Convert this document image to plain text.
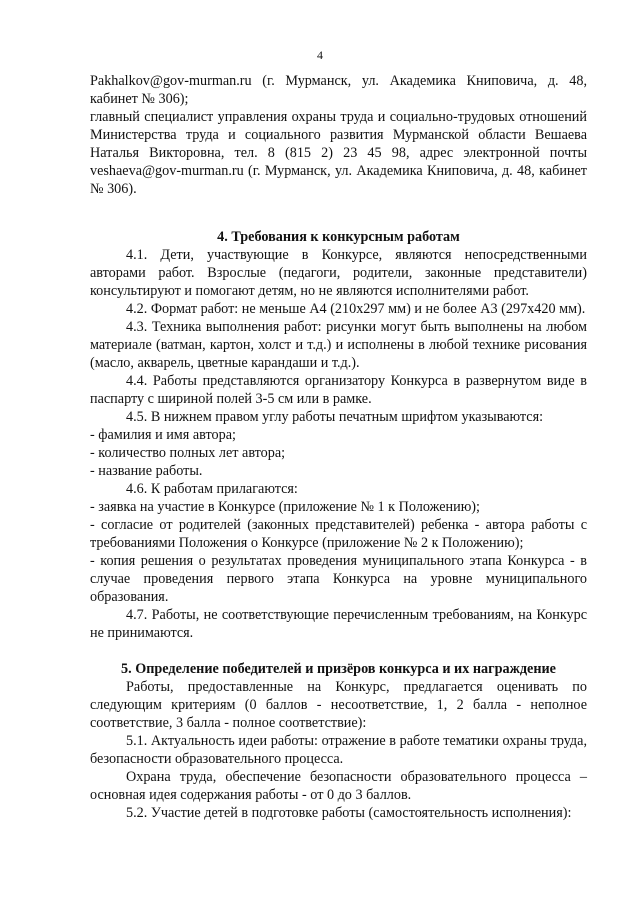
4

Pakhalkov@gov-murman.ru (г. Мурманск, ул. Академика Книповича, д. 48, кабинет № 306);

главный специалист управления охраны труда и социально-трудовых отношений Министерства труда и социального развития Мурманской области Вешаева Наталья Викторовна, тел. 8 (815 2) 23 45 98, адрес электронной почты veshaeva@gov-murman.ru (г. Мурманск, ул. Академика Книповича, д. 48, кабинет № 306).

4. Требования к конкурсным работам

4.1. Дети, участвующие в Конкурсе, являются непосредственными авторами работ. Взрослые (педагоги, родители, законные представители) консультируют и помогают детям, но не являются исполнителями работ.

4.2. Формат работ: не меньше А4 (210х297 мм) и не более А3 (297х420 мм).

4.3. Техника выполнения работ: рисунки могут быть выполнены на любом материале (ватман, картон, холст и т.д.) и исполнены в любой технике рисования (масло, акварель, цветные карандаши и т.д.).

4.4. Работы представляются организатору Конкурса в развернутом виде в паспарту с шириной полей 3-5 см или в рамке.

4.5. В нижнем правом углу работы печатным шрифтом указываются:

- фамилия и имя автора;

- количество полных лет автора;

- название работы.

4.6. К работам прилагаются:

- заявка на участие в Конкурсе (приложение № 1 к Положению);

- согласие от родителей (законных представителей) ребенка - автора работы с требованиями Положения о Конкурсе (приложение № 2 к Положению);

- копия решения о результатах проведения муниципального этапа Конкурса - в случае проведения первого этапа Конкурса на уровне муниципального образования.

4.7. Работы, не соответствующие перечисленным требованиям, на Конкурс не принимаются.

5. Определение победителей и призёров конкурса и их награждение

Работы, предоставленные на Конкурс, предлагается оценивать по следующим критериям (0 баллов - несоответствие, 1, 2 балла - неполное соответствие, 3 балла - полное соответствие):

5.1. Актуальность идеи работы: отражение в работе тематики охраны труда, безопасности образовательного процесса.

Охрана труда, обеспечение безопасности образовательного процесса – основная идея содержания работы - от 0 до 3 баллов.

5.2. Участие детей в подготовке работы (самостоятельность исполнения):
